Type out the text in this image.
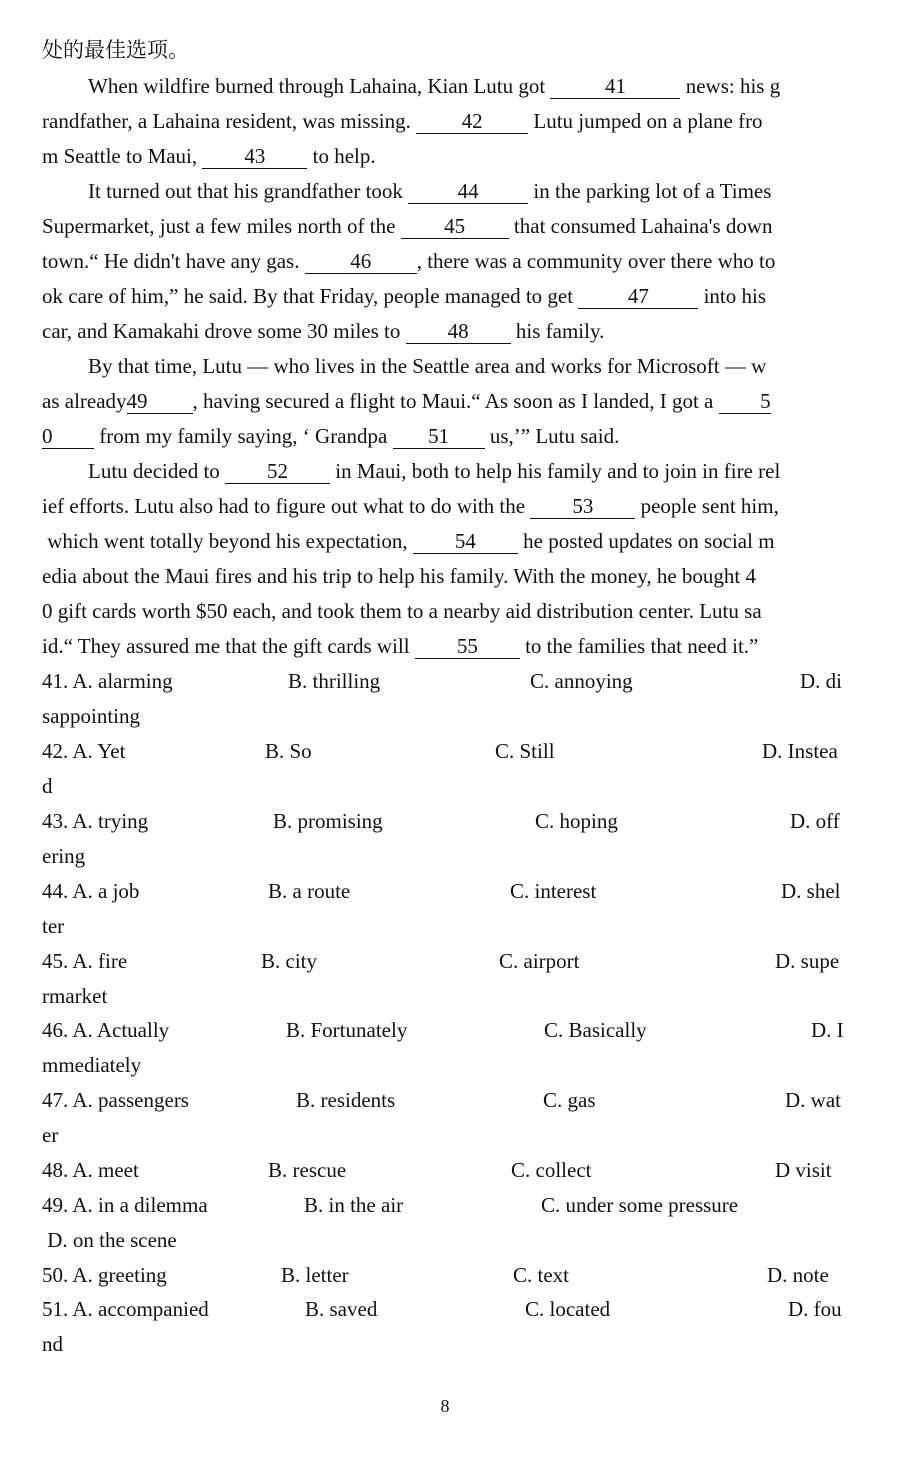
处的最佳选项。
When wildfire burned through Lahaina, Kian Lutu got	41	news: his g
randfather, a Lahaina resident, was missing. 42 Lutu jumped on a plane fro
m Seattle to Maui, 43 to help.
It turned out that his grandfather took 44 in the parking lot of a Times
Supermarket, just a few miles north of the 45 that consumed Lahaina's down
town.“ He didn't have any gas. 46 , there was a community over there who to
ok care of him,” he said. By that Friday, people managed to get 47 into his
car, and Kamakahi drove some 30 miles to 48 his family.
By that time, Lutu — who lives in the Seattle area and works for Microsoft — w
as already49 , having secured a flight to Maui.“ As soon as I landed, I got a 5
0 from my family saying, ‘ Grandpa 51 us,’” Lutu said.
Lutu decided to 52 in Maui, both to help his family and to join in fire rel
ief efforts. Lutu also had to figure out what to do with the 53 people sent him,
which went totally beyond his expectation, 54 he posted updates on social m
edia about the Maui fires and his trip to help his family. With the money, he bought 4
0 gift cards worth $50 each, and took them to a nearby aid distribution center. Lutu sa
id.“ They assured me that the gift cards will 55 to the families that need it.”
41. A. alarming	B. thrilling	C. annoying	D. di
sappointing
42. A. Yet	B. So	C. Still	D. Instea
d
43. A. trying	B. promising	C. hoping	D. off
ering
44. A. a job	B. a route	C. interest	D. shel
ter
45. A. fire	B. city	C. airport	D. supe
rmarket
46. A. Actually	B. Fortunately	C. Basically	D. I
mmediately
47. A. passengers	B. residents	C. gas	D. wat
er
48. A. meet	B. rescue	C. collect	D visit
49. A. in a dilemma	B. in the air	C. under some pressure
D. on the scene
50. A. greeting	B. letter	C. text	D. note
51. A. accompanied	B. saved	C. located	D. fou
nd
8
